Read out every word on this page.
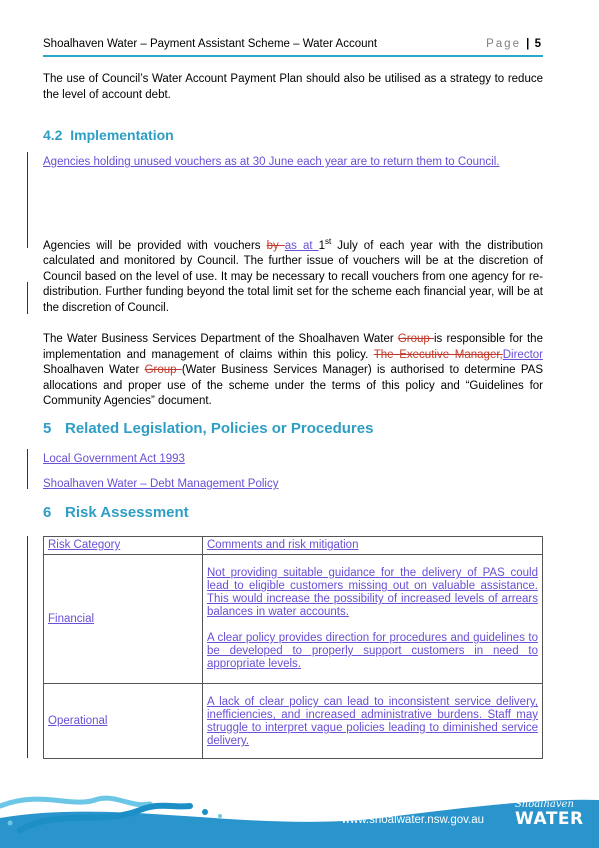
Shoalhaven Water – Payment Assistant Scheme – Water Account	Page | 5
The use of Council’s Water Account Payment Plan should also be utilised as a strategy to reduce the level of account debt.
4.2 Implementation
Agencies holding unused vouchers as at 30 June each year are to return them to Council.
Agencies will be provided with vouchers by as at 1st July of each year with the distribution calculated and monitored by Council. The further issue of vouchers will be at the discretion of Council based on the level of use. It may be necessary to recall vouchers from one agency for re-distribution. Further funding beyond the total limit set for the scheme each financial year, will be at the discretion of Council.
The Water Business Services Department of the Shoalhaven Water Group is responsible for the implementation and management of claims within this policy. The Executive Manager,Director Shoalhaven Water Group (Water Business Services Manager) is authorised to determine PAS allocations and proper use of the scheme under the terms of this policy and “Guidelines for Community Agencies” document.
5 Related Legislation, Policies or Procedures
Local Government Act 1993
Shoalhaven Water – Debt Management Policy
6 Risk Assessment
Risk Category	Comments and risk mitigation
Financial	Not providing suitable guidance for the delivery of PAS could lead to eligible customers missing out on valuable assistance. This would increase the possibility of increased levels of arrears balances in water accounts.
A clear policy provides direction for procedures and guidelines to be developed to properly support customers in need to appropriate levels.

Operational	A lack of clear policy can lead to inconsistent service delivery, inefficiencies, and increased administrative burdens. Staff may struggle to interpret vague policies leading to diminished service delivery.
www.shoalwater.nsw.gov.au
Shoalhaven
WATER
